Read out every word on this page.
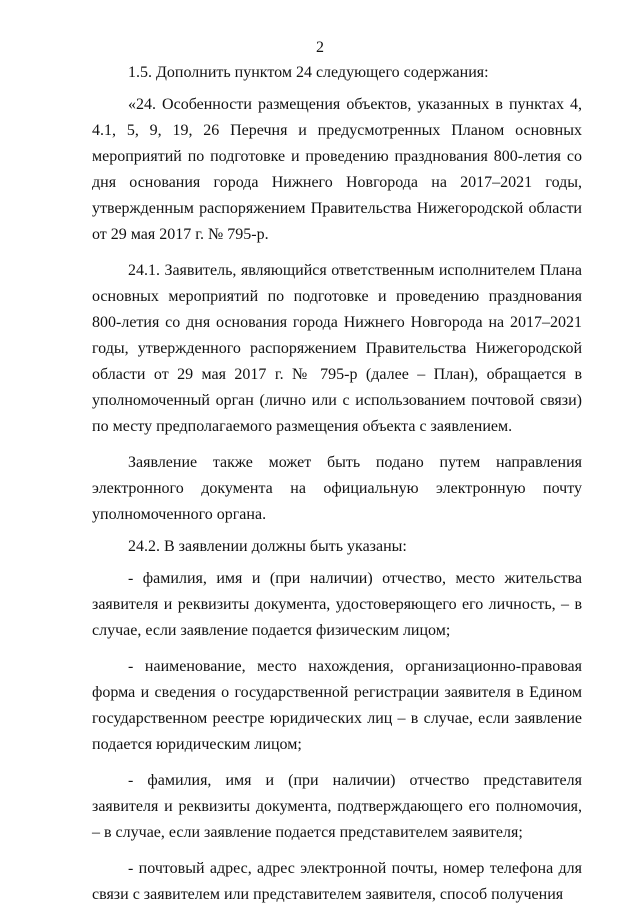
2

1.5. Дополнить пунктом 24 следующего содержания:

«24. Особенности размещения объектов, указанных в пунктах 4, 4.1, 5, 9, 19, 26 Перечня и предусмотренных Планом основных мероприятий по подготовке и проведению празднования 800-летия со дня основания города Нижнего Новгорода на 2017–2021 годы, утвержденным распоряжением Правительства Нижегородской области от 29 мая 2017 г. № 795-р.

24.1. Заявитель, являющийся ответственным исполнителем Плана основных мероприятий по подготовке и проведению празднования 800-летия со дня основания города Нижнего Новгорода на 2017–2021 годы, утвержденного распоряжением Правительства Нижегородской области от 29 мая 2017 г. № 795-р (далее – План), обращается в уполномоченный орган (лично или с использованием почтовой связи) по месту предполагаемого размещения объекта с заявлением.

Заявление также может быть подано путем направления электронного документа на официальную электронную почту уполномоченного органа.

24.2. В заявлении должны быть указаны:

- фамилия, имя и (при наличии) отчество, место жительства заявителя и реквизиты документа, удостоверяющего его личность, – в случае, если заявление подается физическим лицом;

- наименование, место нахождения, организационно-правовая форма и сведения о государственной регистрации заявителя в Едином государственном реестре юридических лиц – в случае, если заявление подается юридическим лицом;

- фамилия, имя и (при наличии) отчество представителя заявителя и реквизиты документа, подтверждающего его полномочия, – в случае, если заявление подается представителем заявителя;

- почтовый адрес, адрес электронной почты, номер телефона для связи с заявителем или представителем заявителя, способ получения
